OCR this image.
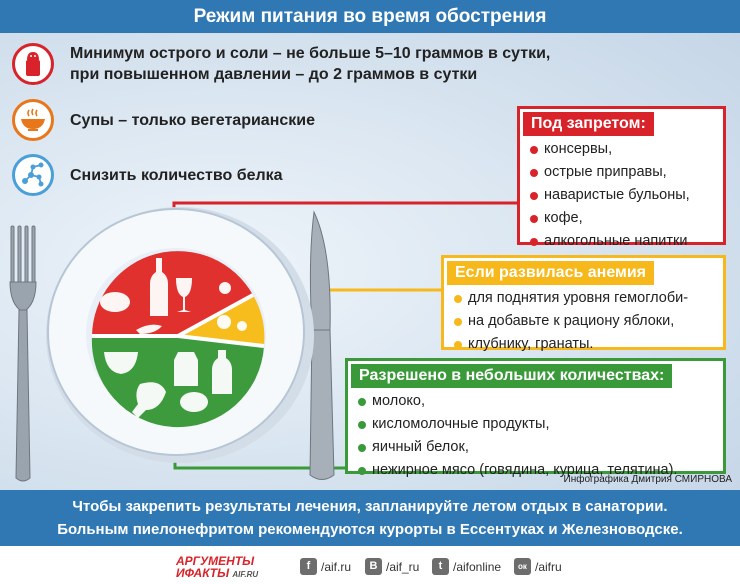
Режим питания во время обострения
Минимум острого и соли – не больше 5–10 граммов в сутки,
при повышенном давлении – до 2 граммов в сутки
Супы – только вегетарианские
Снизить количество белка
Под запретом:
консервы,
острые приправы,
наваристые бульоны,
кофе,
алкогольные напитки
Если развилась анемия
для поднятия уровня гемоглоби-
на добавьте к рациону яблоки,
клубнику, гранаты.
Разрешено в небольших количествах:
молоко,
кисломолочные продукты,
яичный белок,
нежирное мясо (говядина, курица, телятина).
Инфографика Дмитрия СМИРНОВА
Чтобы закрепить результаты лечения, запланируйте летом отдых в санатории.
Больным пиелонефритом рекомендуются курорты в Ессентуках и Железноводске.
АРГУМЕНТЫ
ИФАКТЫ AIF.RU
f /aif.ru	В /aif_ru	t /aifonline	ок /aifru
